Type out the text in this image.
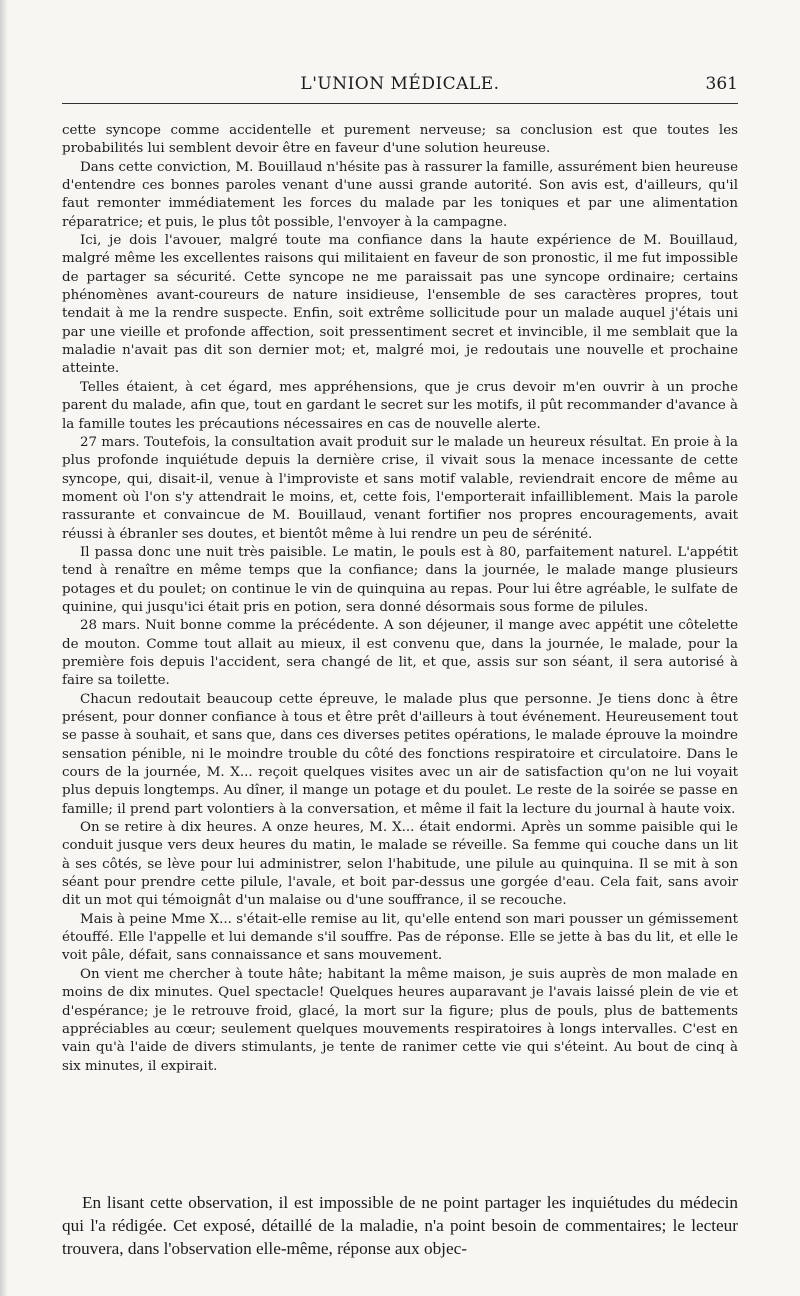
L'UNION MÉDICALE.	361

cette syncope comme accidentelle et purement nerveuse; sa conclusion est que toutes les probabilités lui semblent devoir être en faveur d'une solution heureuse.

Dans cette conviction, M. Bouillaud n'hésite pas à rassurer la famille, assurément bien heureuse d'entendre ces bonnes paroles venant d'une aussi grande autorité. Son avis est, d'ailleurs, qu'il faut remonter immédiatement les forces du malade par les toniques et par une alimentation réparatrice; et puis, le plus tôt possible, l'envoyer à la campagne.

Ici, je dois l'avouer, malgré toute ma confiance dans la haute expérience de M. Bouillaud, malgré même les excellentes raisons qui militaient en faveur de son pronostic, il me fut impossible de partager sa sécurité. Cette syncope ne me paraissait pas une syncope ordinaire; certains phénomènes avant-coureurs de nature insidieuse, l'ensemble de ses caractères propres, tout tendait à me la rendre suspecte. Enfin, soit extrême sollicitude pour un malade auquel j'étais uni par une vieille et profonde affection, soit pressentiment secret et invincible, il me semblait que la maladie n'avait pas dit son dernier mot; et, malgré moi, je redoutais une nouvelle et prochaine atteinte.

Telles étaient, à cet égard, mes appréhensions, que je crus devoir m'en ouvrir à un proche parent du malade, afin que, tout en gardant le secret sur les motifs, il pût recommander d'avance à la famille toutes les précautions nécessaires en cas de nouvelle alerte.

27 mars. Toutefois, la consultation avait produit sur le malade un heureux résultat. En proie à la plus profonde inquiétude depuis la dernière crise, il vivait sous la menace incessante de cette syncope, qui, disait-il, venue à l'improviste et sans motif valable, reviendrait encore de même au moment où l'on s'y attendrait le moins, et, cette fois, l'emporterait infailliblement. Mais la parole rassurante et convaincue de M. Bouillaud, venant fortifier nos propres encouragements, avait réussi à ébranler ses doutes, et bientôt même à lui rendre un peu de sérénité.

Il passa donc une nuit très paisible. Le matin, le pouls est à 80, parfaitement naturel. L'appétit tend à renaître en même temps que la confiance; dans la journée, le malade mange plusieurs potages et du poulet; on continue le vin de quinquina au repas. Pour lui être agréable, le sulfate de quinine, qui jusqu'ici était pris en potion, sera donné désormais sous forme de pilules.

28 mars. Nuit bonne comme la précédente. A son déjeuner, il mange avec appétit une côtelette de mouton. Comme tout allait au mieux, il est convenu que, dans la journée, le malade, pour la première fois depuis l'accident, sera changé de lit, et que, assis sur son séant, il sera autorisé à faire sa toilette.

Chacun redoutait beaucoup cette épreuve, le malade plus que personne. Je tiens donc à être présent, pour donner confiance à tous et être prêt d'ailleurs à tout événement. Heureusement tout se passe à souhait, et sans que, dans ces diverses petites opérations, le malade éprouve la moindre sensation pénible, ni le moindre trouble du côté des fonctions respiratoire et circulatoire. Dans le cours de la journée, M. X... reçoit quelques visites avec un air de satisfaction qu'on ne lui voyait plus depuis longtemps. Au dîner, il mange un potage et du poulet. Le reste de la soirée se passe en famille; il prend part volontiers à la conversation, et même il fait la lecture du journal à haute voix.

On se retire à dix heures. A onze heures, M. X... était endormi. Après un somme paisible qui le conduit jusque vers deux heures du matin, le malade se réveille. Sa femme qui couche dans un lit à ses côtés, se lève pour lui administrer, selon l'habitude, une pilule au quinquina. Il se mit à son séant pour prendre cette pilule, l'avale, et boit par-dessus une gorgée d'eau. Cela fait, sans avoir dit un mot qui témoignât d'un malaise ou d'une souffrance, il se recouche.

Mais à peine Mme X... s'était-elle remise au lit, qu'elle entend son mari pousser un gémissement étouffé. Elle l'appelle et lui demande s'il souffre. Pas de réponse. Elle se jette à bas du lit, et elle le voit pâle, défait, sans connaissance et sans mouvement.

On vient me chercher à toute hâte; habitant la même maison, je suis auprès de mon malade en moins de dix minutes. Quel spectacle! Quelques heures auparavant je l'avais laissé plein de vie et d'espérance; je le retrouve froid, glacé, la mort sur la figure; plus de pouls, plus de battements appréciables au cœur; seulement quelques mouvements respiratoires à longs intervalles. C'est en vain qu'à l'aide de divers stimulants, je tente de ranimer cette vie qui s'éteint. Au bout de cinq à six minutes, il expirait.

En lisant cette observation, il est impossible de ne point partager les inquiétudes du médecin qui l'a rédigée. Cet exposé, détaillé de la maladie, n'a point besoin de commentaires; le lecteur trouvera, dans l'observation elle-même, réponse aux objec-
